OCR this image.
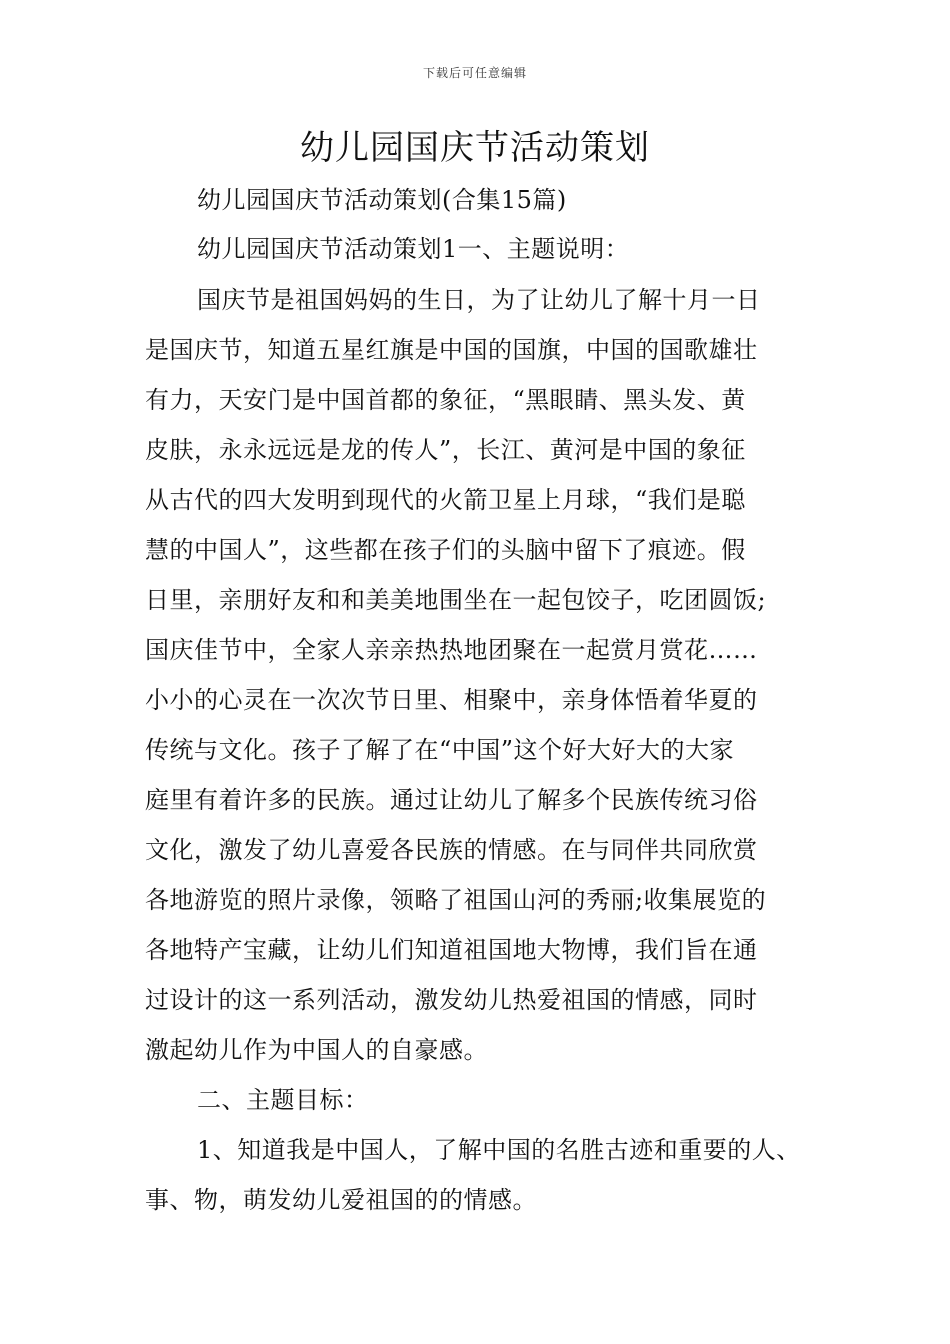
下载后可任意编辑
幼儿园国庆节活动策划
幼儿园国庆节活动策划(合集15篇)
幼儿园国庆节活动策划1一、主题说明：
国庆节是祖国妈妈的生日，为了让幼儿了解十月一日
是国庆节，知道五星红旗是中国的国旗，中国的国歌雄壮
有力，天安门是中国首都的象征，“黑眼睛、黑头发、黄
皮肤，永永远远是龙的传人”，长江、黄河是中国的象征
从古代的四大发明到现代的火箭卫星上月球，“我们是聪
慧的中国人”，这些都在孩子们的头脑中留下了痕迹。假
日里，亲朋好友和和美美地围坐在一起包饺子，吃团圆饭;
国庆佳节中，全家人亲亲热热地团聚在一起赏月赏花……
小小的心灵在一次次节日里、相聚中，亲身体悟着华夏的
传统与文化。孩子了解了在“中国”这个好大好大的大家
庭里有着许多的民族。通过让幼儿了解多个民族传统习俗
文化，激发了幼儿喜爱各民族的情感。在与同伴共同欣赏
各地游览的照片录像，领略了祖国山河的秀丽;收集展览的
各地特产宝藏，让幼儿们知道祖国地大物博，我们旨在通
过设计的这一系列活动，激发幼儿热爱祖国的情感，同时
激起幼儿作为中国人的自豪感。
二、主题目标：
1、知道我是中国人，了解中国的名胜古迹和重要的人、
事、物，萌发幼儿爱祖国的的情感。
